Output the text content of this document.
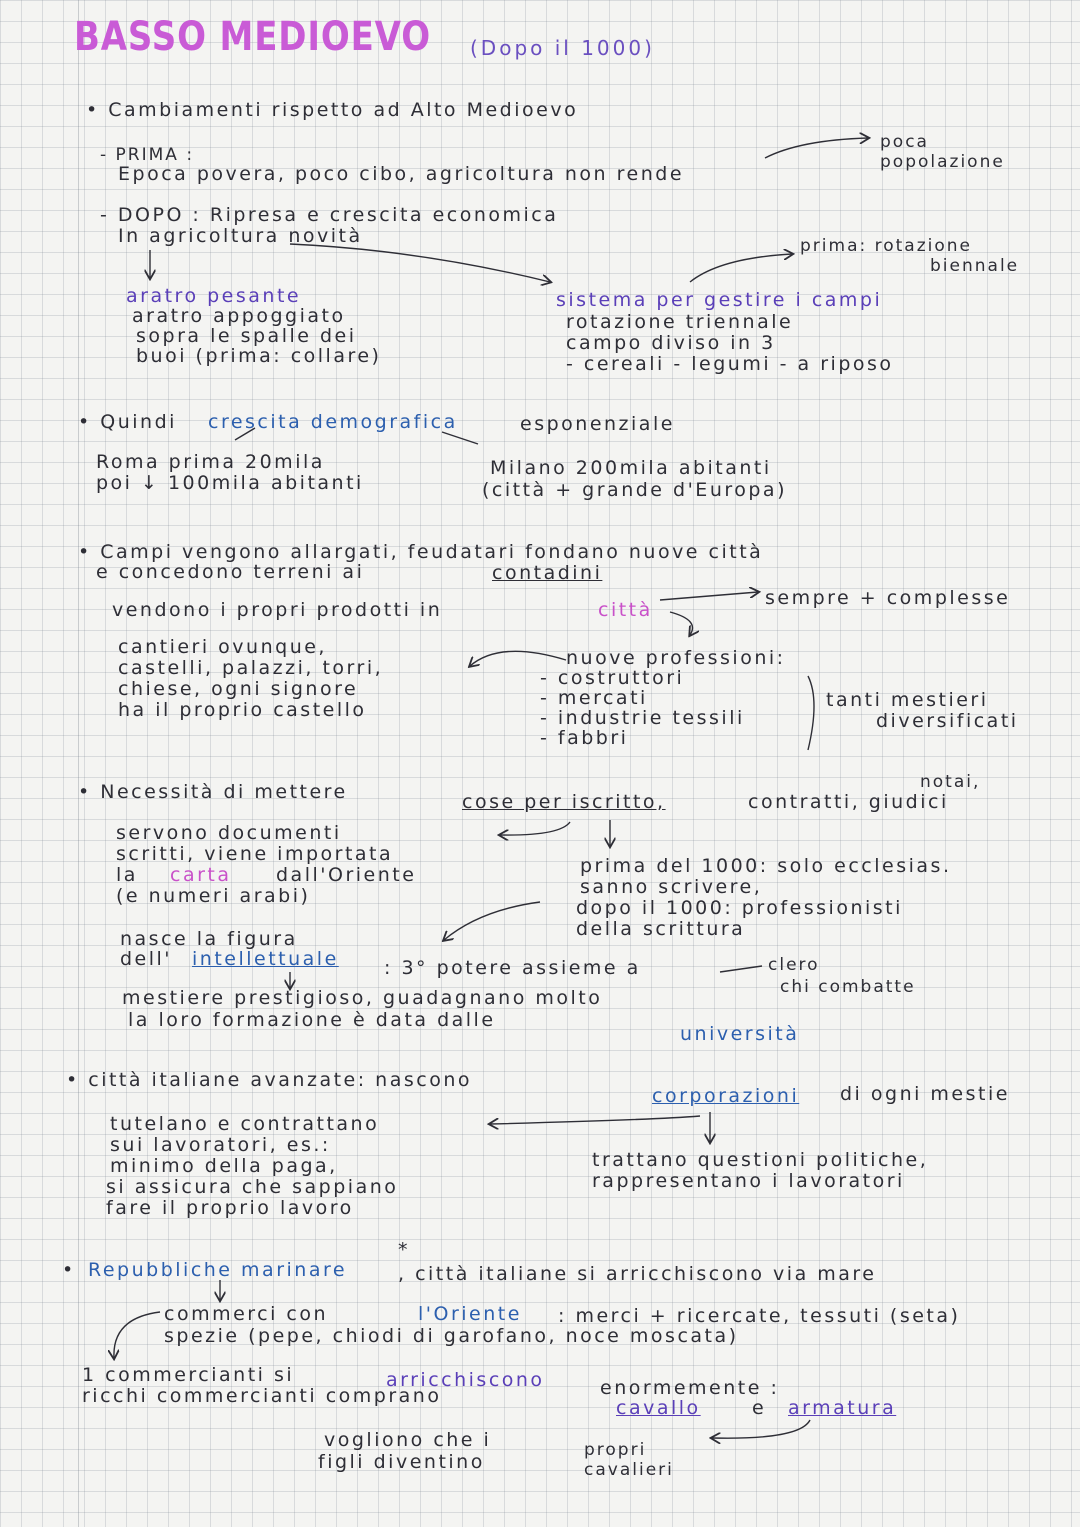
BASSO MEDIOEVO (Dopo il 1000)
• Cambiamenti rispetto ad Alto Medioevo
- PRIMA :
Epoca povera, poco cibo, agricoltura non rende
poca
popolazione
- DOPO : Ripresa e crescita economica
In agricoltura novità	prima: rotazione
biennale
aratro pesante
aratro appoggiato
sopra le spalle dei
buoi (prima: collare)
sistema per gestire i campi
rotazione triennale
campo diviso in 3
- cereali - legumi - a riposo
• Quindi crescita demografica	esponenziale
Roma prima 20mila
poi ↓ 100mila abitanti
Milano 200mila abitanti
(città + grande d'Europa)
• Campi vengono allargati, feudatari fondano nuove città
e concedono terreni ai	contadini
vendono i propri prodotti in	città
sempre + complesse
cantieri ovunque,
castelli, palazzi, torri,
chiese, ogni signore
ha il proprio castello
nuove professioni:
- costruttori
- mercati
- industrie tessili
- fabbri
tanti mestieri
diversificati
• Necessità di mettere	cose per iscritto,	contratti, giudici
notai,
servono documenti
scritti, viene importata
la carta dall'Oriente
(e numeri arabi)
prima del 1000: solo ecclesias.
sanno scrivere,
dopo il 1000: professionisti
della scrittura
nasce la figura
dell' intellettuale : 3° potere assieme a	clero
chi combatte
mestiere prestigioso, guadagnano molto
la loro formazione è data dalle
università
• città italiane avanzate: nascono
corporazioni di ogni mestie
tutelano e contrattano
sui lavoratori, es.:
minimo della paga,
si assicura che sappiano
fare il proprio lavoro
trattano questioni politiche,
rappresentano i lavoratori
• Repubbliche marinare	, città italiane si arricchiscono via mare
*
commerci con	l'Oriente : merci + ricercate, tessuti (seta)
spezie (pepe, chiodi di garofano, noce moscata)
1 commercianti si	arricchiscono	enormemente :
ricchi commercianti comprano
cavallo	e armatura
vogliono che i
figli diventino
propri
cavalieri
